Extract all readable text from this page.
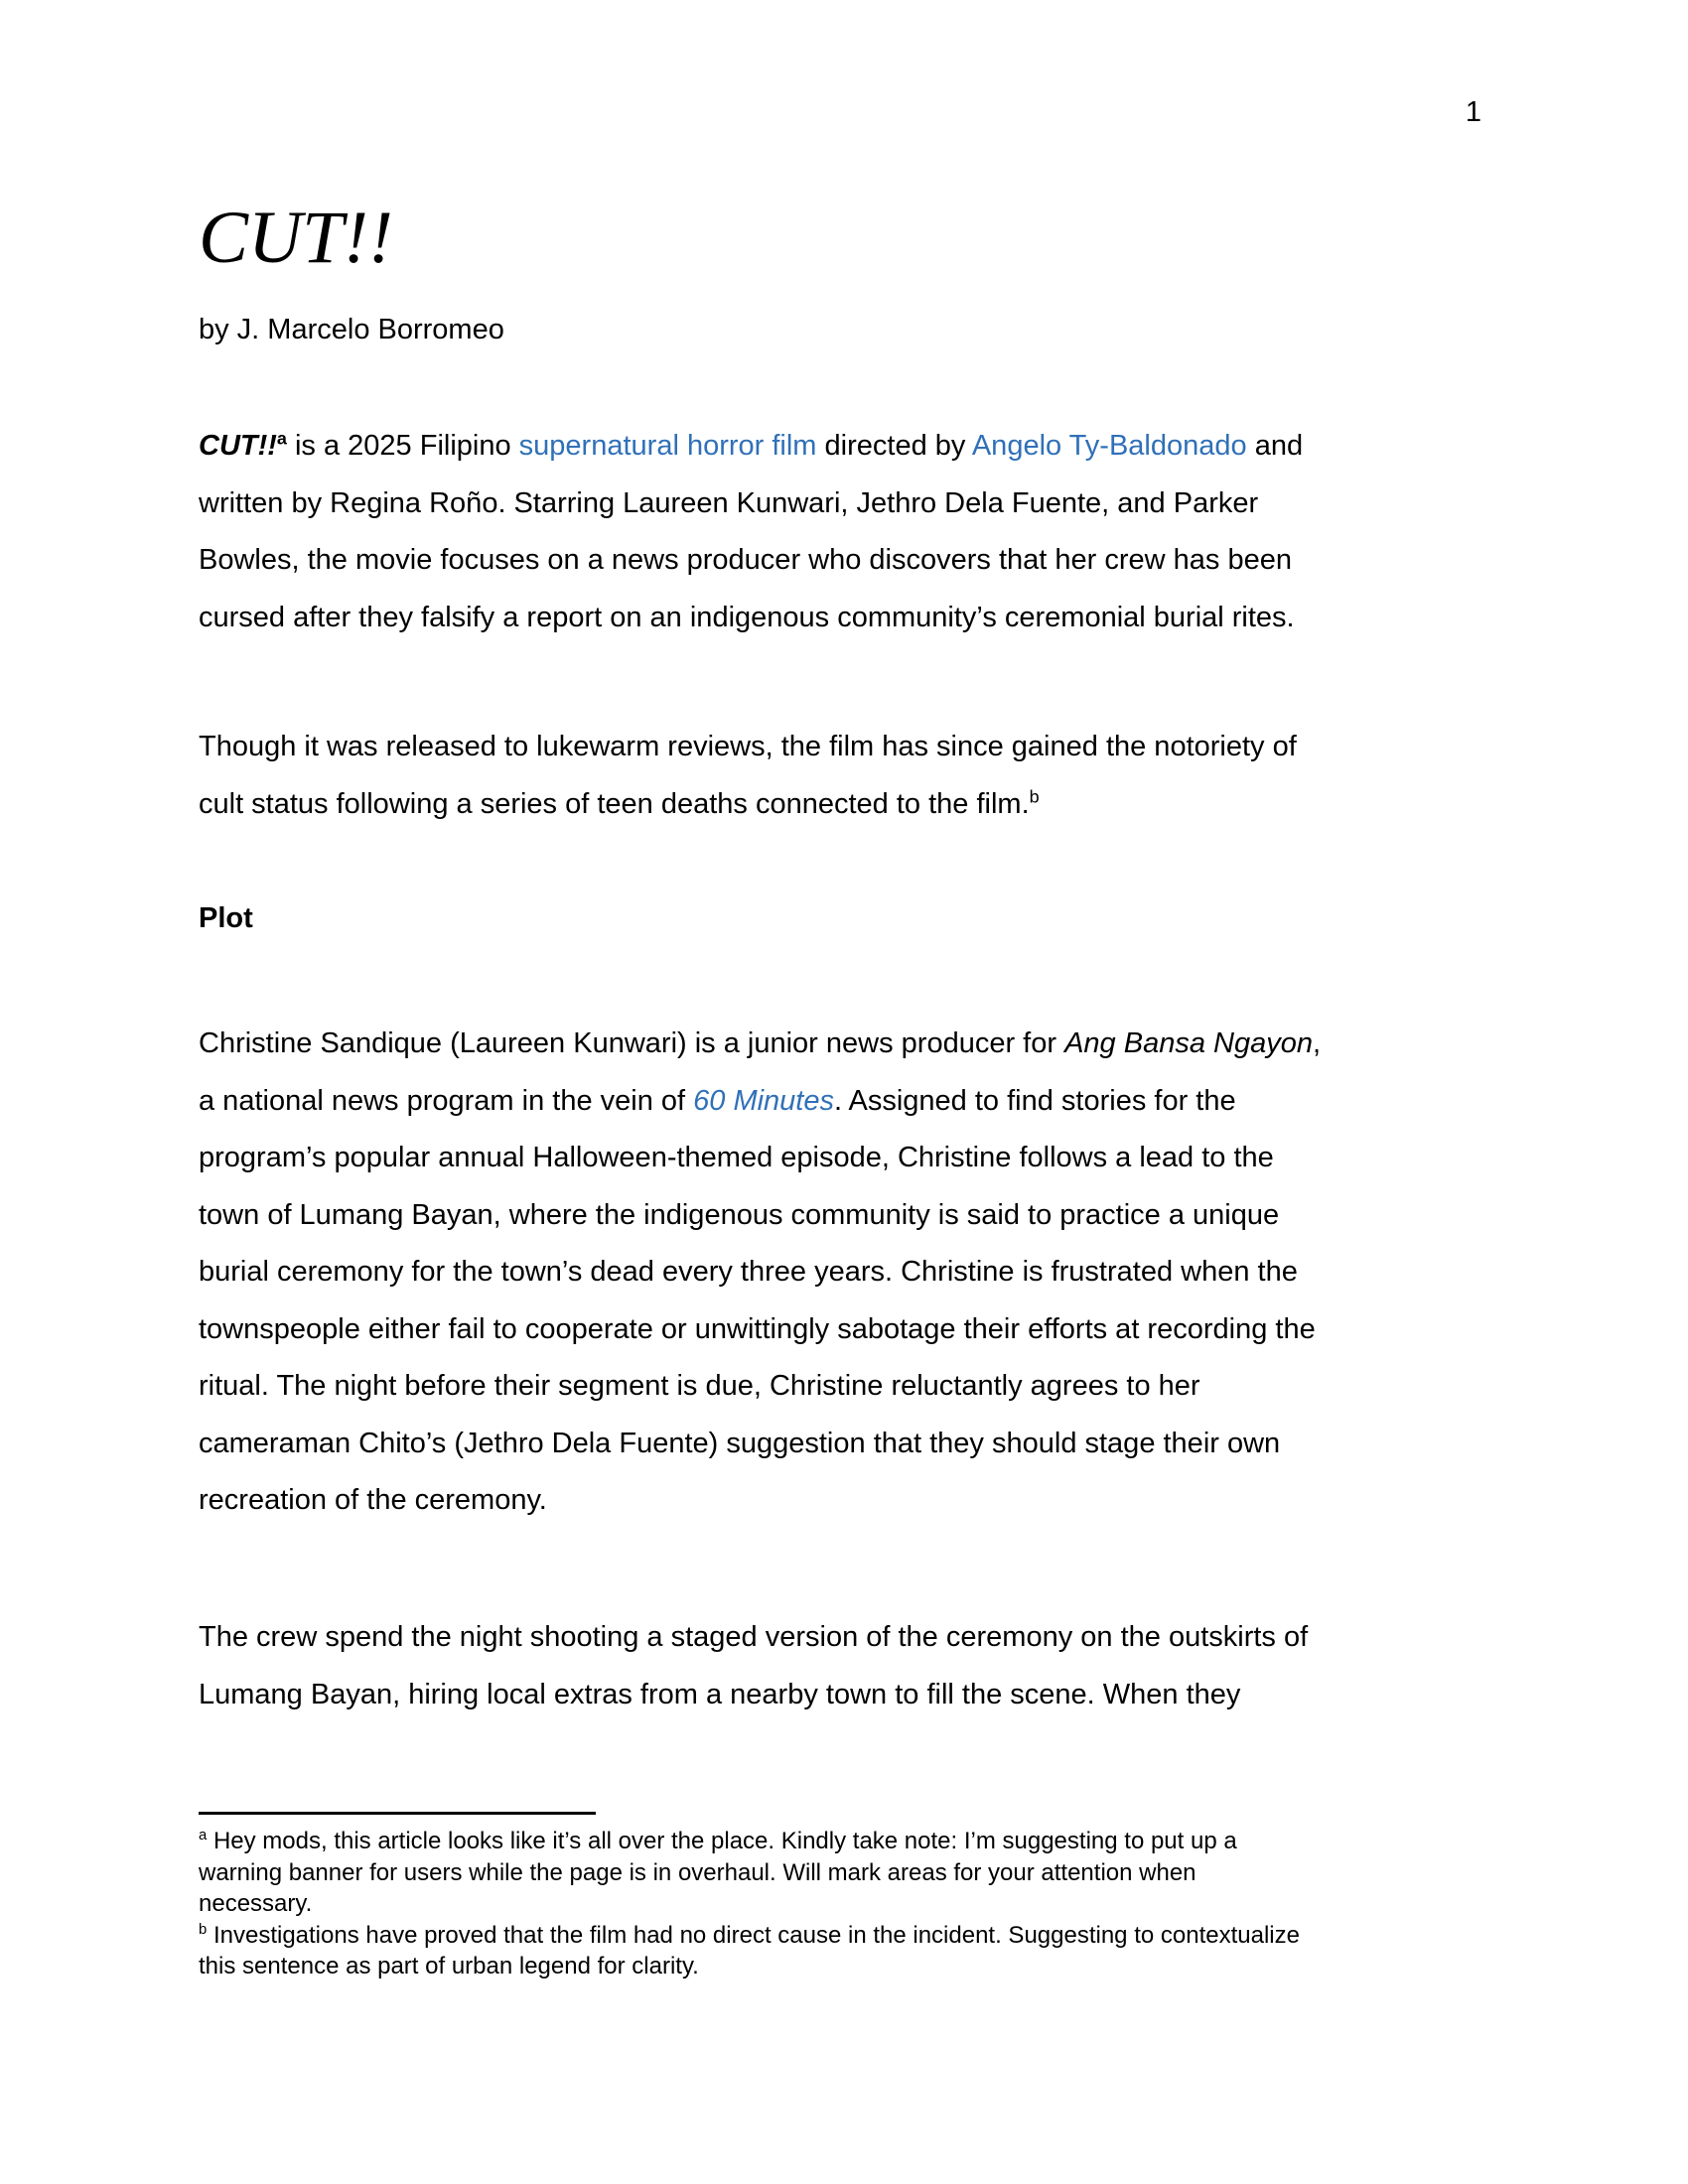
1
CUT!!
by J. Marcelo Borromeo
CUT!!$^a$ is a 2025 Filipino supernatural horror film directed by Angelo Ty-Baldonado and
written by Regina Roño. Starring Laureen Kunwari, Jethro Dela Fuente, and Parker
Bowles, the movie focuses on a news producer who discovers that her crew has been
cursed after they falsify a report on an indigenous community’s ceremonial burial rites.
Though it was released to lukewarm reviews, the film has since gained the notoriety of
cult status following a series of teen deaths connected to the film.$^b$
Plot
Christine Sandique (Laureen Kunwari) is a junior news producer for Ang Bansa Ngayon,
a national news program in the vein of 60 Minutes. Assigned to find stories for the
program’s popular annual Halloween-themed episode, Christine follows a lead to the
town of Lumang Bayan, where the indigenous community is said to practice a unique
burial ceremony for the town’s dead every three years. Christine is frustrated when the
townspeople either fail to cooperate or unwittingly sabotage their efforts at recording the
ritual. The night before their segment is due, Christine reluctantly agrees to her
cameraman Chito’s (Jethro Dela Fuente) suggestion that they should stage their own
recreation of the ceremony.
The crew spend the night shooting a staged version of the ceremony on the outskirts of
Lumang Bayan, hiring local extras from a nearby town to fill the scene. When they
$^a$ Hey mods, this article looks like it’s all over the place. Kindly take note: I’m suggesting to put up a
warning banner for users while the page is in overhaul. Will mark areas for your attention when
necessary.
$^b$ Investigations have proved that the film had no direct cause in the incident. Suggesting to contextualize
this sentence as part of urban legend for clarity.
